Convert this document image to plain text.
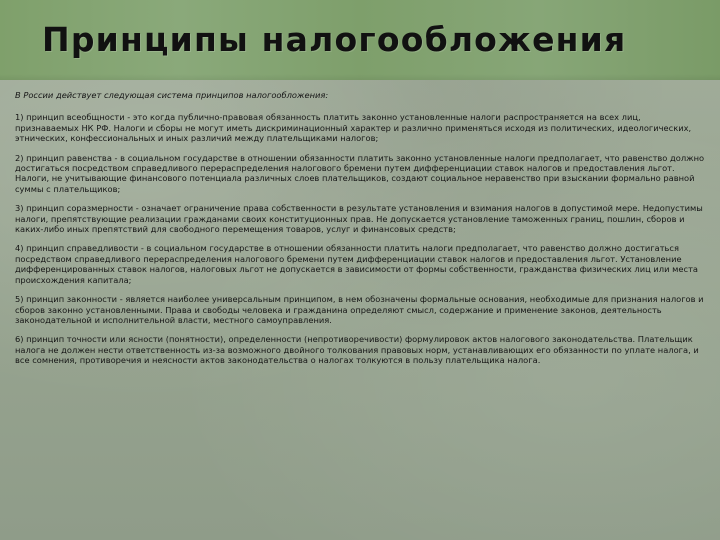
Принципы налогообложения

В России действует следующая система принципов налогообложения:

1) принцип всеобщности - это когда публично-правовая обязанность платить законно установленные налоги распространяется на всех лиц, признаваемых НК РФ. Налоги и сборы не могут иметь дискриминационный характер и различно применяться исходя из политических, идеологических, этнических, конфессиональных и иных различий между плательщиками налогов;

2) принцип равенства - в социальном государстве в отношении обязанности платить законно установленные налоги предполагает, что равенство должно достигаться посредством справедливого перераспределения налогового бремени путем дифференциации ставок налогов и предоставления льгот. Налоги, не учитывающие финансового потенциала различных слоев плательщиков, создают социальное неравенство при взыскании формально равной суммы с плательщиков;

3) принцип соразмерности - означает ограничение права собственности в результате установления и взимания налогов в допустимой мере. Недопустимы налоги, препятствующие реализации гражданами своих конституционных прав. Не допускается установление таможенных границ, пошлин, сборов и каких-либо иных препятствий для свободного перемещения товаров, услуг и финансовых средств;

4) принцип справедливости - в социальном государстве в отношении обязанности платить налоги предполагает, что равенство должно достигаться посредством справедливого перераспределения налогового бремени путем дифференциации ставок налогов и предоставления льгот. Установление дифференцированных ставок налогов, налоговых льгот не допускается в зависимости от формы собственности, гражданства физических лиц или места происхождения капитала;

5) принцип законности - является наиболее универсальным принципом, в нем обозначены формальные основания, необходимые для признания налогов и сборов законно установленными. Права и свободы человека и гражданина определяют смысл, содержание и применение законов, деятельность законодательной и исполнительной власти, местного самоуправления.

6) принцип точности или ясности (понятности), определенности (непротиворечивости) формулировок актов налогового законодательства. Плательщик налога не должен нести ответственность из-за возможного двойного толкования правовых норм, устанавливающих его обязанности по уплате налога, и все сомнения, противоречия и неясности актов законодательства о налогах толкуются в пользу плательщика налога.
